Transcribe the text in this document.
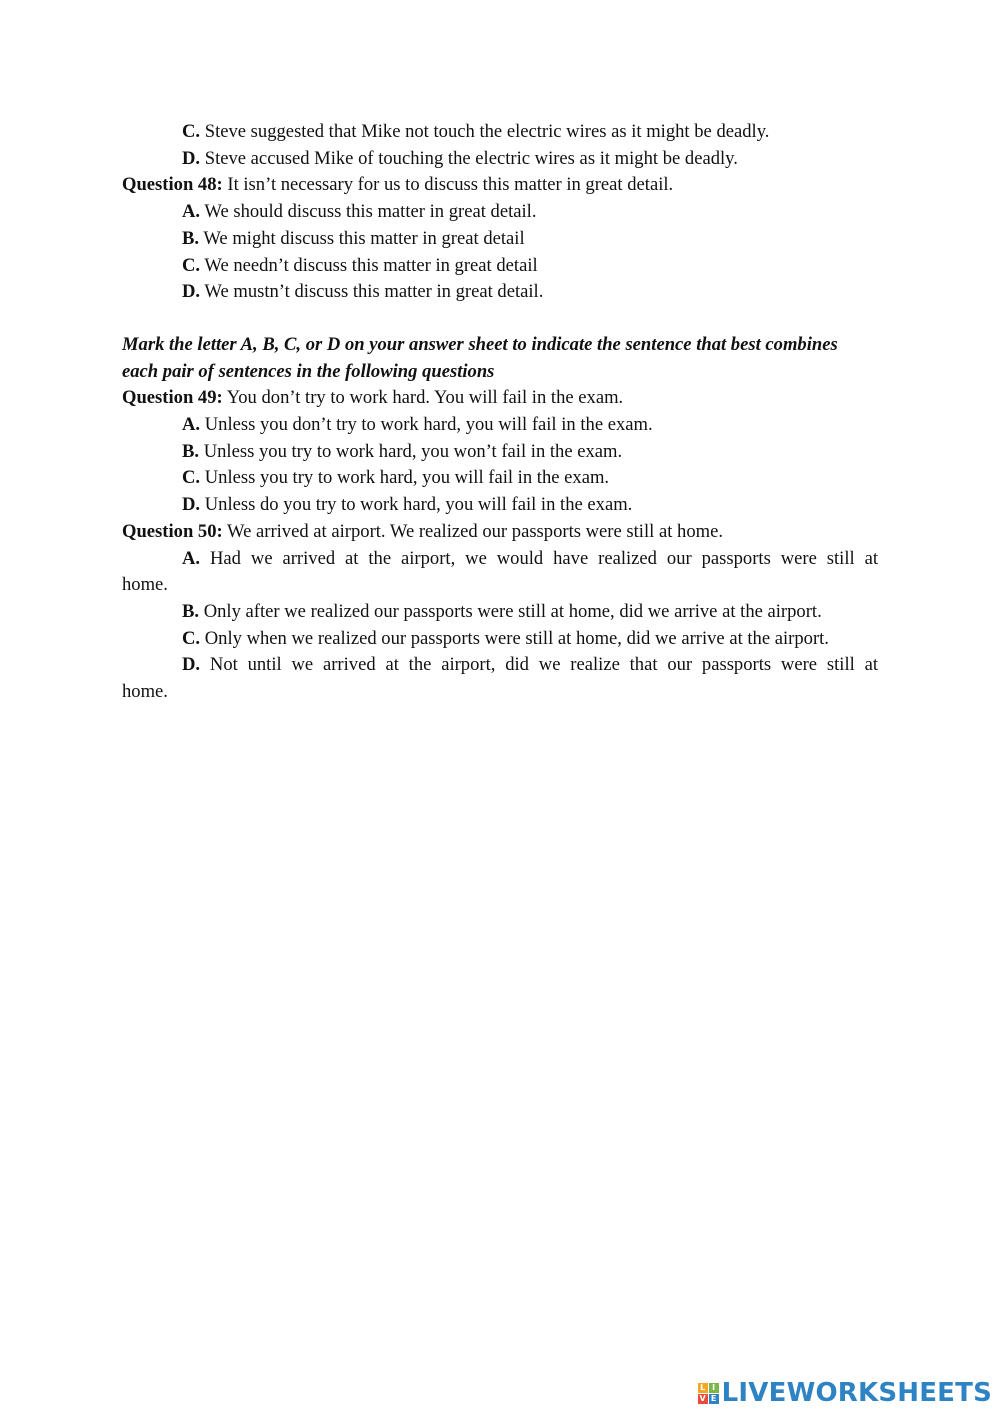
C. Steve suggested that Mike not touch the electric wires as it might be deadly.

D. Steve accused Mike of touching the electric wires as it might be deadly.

Question 48: It isn’t necessary for us to discuss this matter in great detail.

A. We should discuss this matter in great detail.

B. We might discuss this matter in great detail

C. We needn’t discuss this matter in great detail

D. We mustn’t discuss this matter in great detail.

Mark the letter A, B, C, or D on your answer sheet to indicate the sentence that best combines
each pair of sentences in the following questions

Question 49: You don’t try to work hard. You will fail in the exam.

A. Unless you don’t try to work hard, you will fail in the exam.

B. Unless you try to work hard, you won’t fail in the exam.

C. Unless you try to work hard, you will fail in the exam.

D. Unless do you try to work hard, you will fail in the exam.

Question 50: We arrived at airport. We realized our passports were still at home.

A. Had we arrived at the airport, we would have realized our passports were still at
home.

B. Only after we realized our passports were still at home, did we arrive at the airport.

C. Only when we realized our passports were still at home, did we arrive at the airport.

D. Not until we arrived at the airport, did we realize that our passports were still at
home.
L I
V E LIVEWORKSHEETS
